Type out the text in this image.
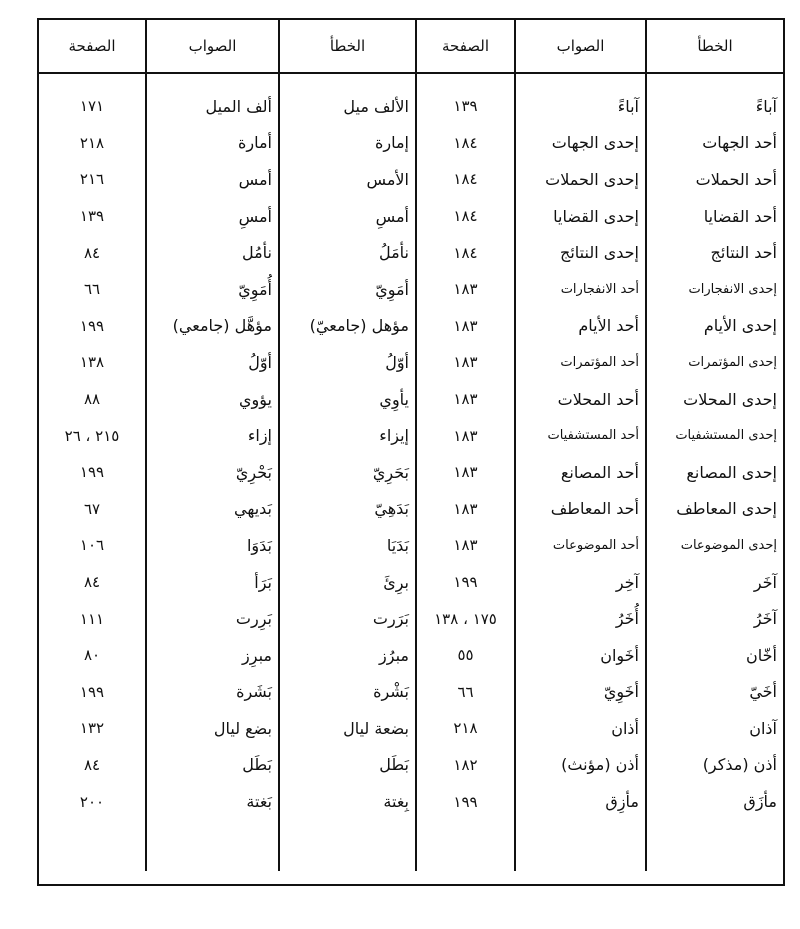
الخطأ	الصواب	الصفحة	الخطأ	الصواب	الصفحة

آباءً	آباءً	١٣٩	الألف ميل	ألف الميل	١٧١
أحد الجهات	إحدى الجهات	١٨٤	إمارة	أمارة	٢١٨
أحد الحملات	إحدى الحملات	١٨٤	الأمس	أمس	٢١٦
أحد القضايا	إحدى القضايا	١٨٤	أمسِ	أمسِ	١٣٩
أحد النتائج	إحدى النتائج	١٨٤	نأمَلُ	نأمُل	٨٤
إحدى الانفجارات	أحد الانفجارات	١٨٣	أمَوِيّ	أُمَوِيّ	٦٦
إحدى الأيام	أحد الأيام	١٨٣	مؤهل (جامعيّ)	مؤهَّل (جامعي)	١٩٩
إحدى المؤتمرات	أحد المؤتمرات	١٨٣	أوّلُ	أوّلُ	١٣٨
إحدى المحلات	أحد المحلات	١٨٣	يأوِي	يؤوي	٨٨
إحدى المستشفيات	أحد المستشفيات	١٨٣	إيزاء	إزاء	٢١٥ ، ٢٦
إحدى المصانع	أحد المصانع	١٨٣	بَحَرِيّ	بَحْرِيّ	١٩٩
إحدى المعاطف	أحد المعاطف	١٨٣	بَدَهِيّ	بَديهي	٦٧
إحدى الموضوعات	أحد الموضوعات	١٨٣	بَدَيَا	بَدَوَا	١٠٦
آخَر	آخِر	١٩٩	برِئَ	بَرَأ	٨٤
آخَرُ	أُخَرُ	١٧٥ ، ١٣٨	بَرَرت	بَرِرت	١١١
أخّان	أخَوان	٥٥	مبرُز	مبرِز	٨٠
أخَيّ	أخَوِيّ	٦٦	بَشْرة	بَشَرة	١٩٩
آذان	أذان	٢١٨	بضعة ليال	بضع ليال	١٣٢
أذن (مذكر)	أذن (مؤنث)	١٨٢	بَطَل	بَطَل	٨٤
مأزَق	مأزِق	١٩٩	بِغتة	بَغتة	٢٠٠
